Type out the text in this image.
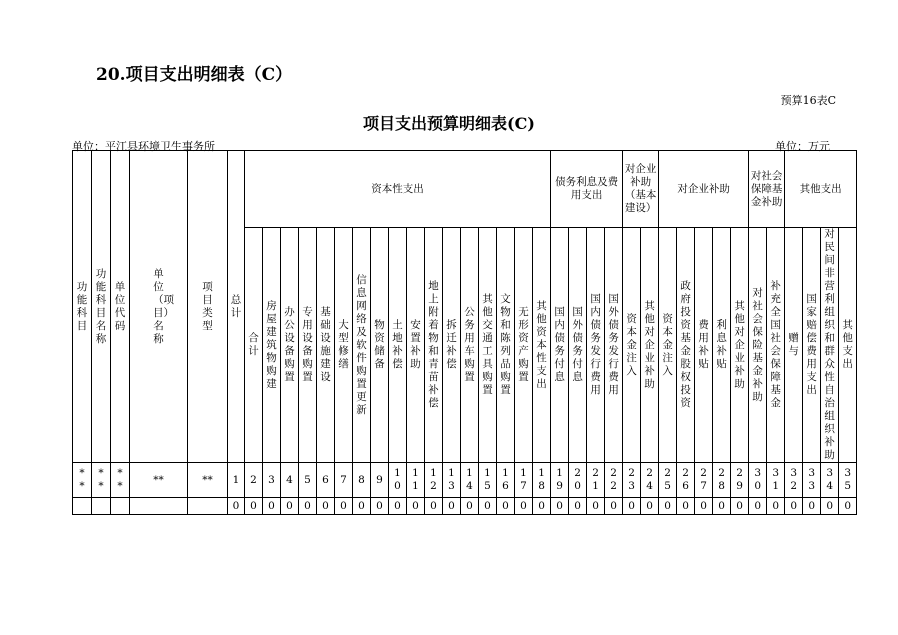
20.项目支出明细表（C）
预算16表C
项目支出预算明细表(C)
单位：平江县环境卫生事务所	单位：万元
功能科目	功能科目名称	单位代码	单位（项目）名称	项目类型	总计	资本性支出																	债务利息及费用支出				对企业补助（基本建设）		对企业补助					对社会保障基金补助		其他支出			

						合计	房屋建筑物购建	办公设备购置	专用设备购置	基础设施建设	大型修缮	信息网络及软件购置更新	物资储备	土地补偿	安置补助	地上附着物和青苗补偿	拆迁补偿	公务用车购置	其他交通工具购置	文物和陈列品购置	无形资产购置	其他资本性支出	国内债务付息	国外债务付息	国内债务发行费用	国外债务发行费用	资本金注入	其他对企业补助	资本金注入	政府投资基金股权投资	费用补贴	利息补贴	其他对企业补助	对社会保险基金补助	补充全国社会保障基金	赠与	国家赔偿费用支出	对民间非营利组织和群众性自治组织补助	其他支出

**	**	**	**	**	1	2	3	4	5	6	7	8	9	10	11	12	13	14	15	16	17	18	19	20	21	22	23	24	25	26	27	28	29	30	31	32	33	34	35

					0	0	0	0	0	0	0	0	0	0	0	0	0	0	0	0	0	0	0	0	0	0	0	0	0	0	0	0	0	0	0	0	0	0	0
